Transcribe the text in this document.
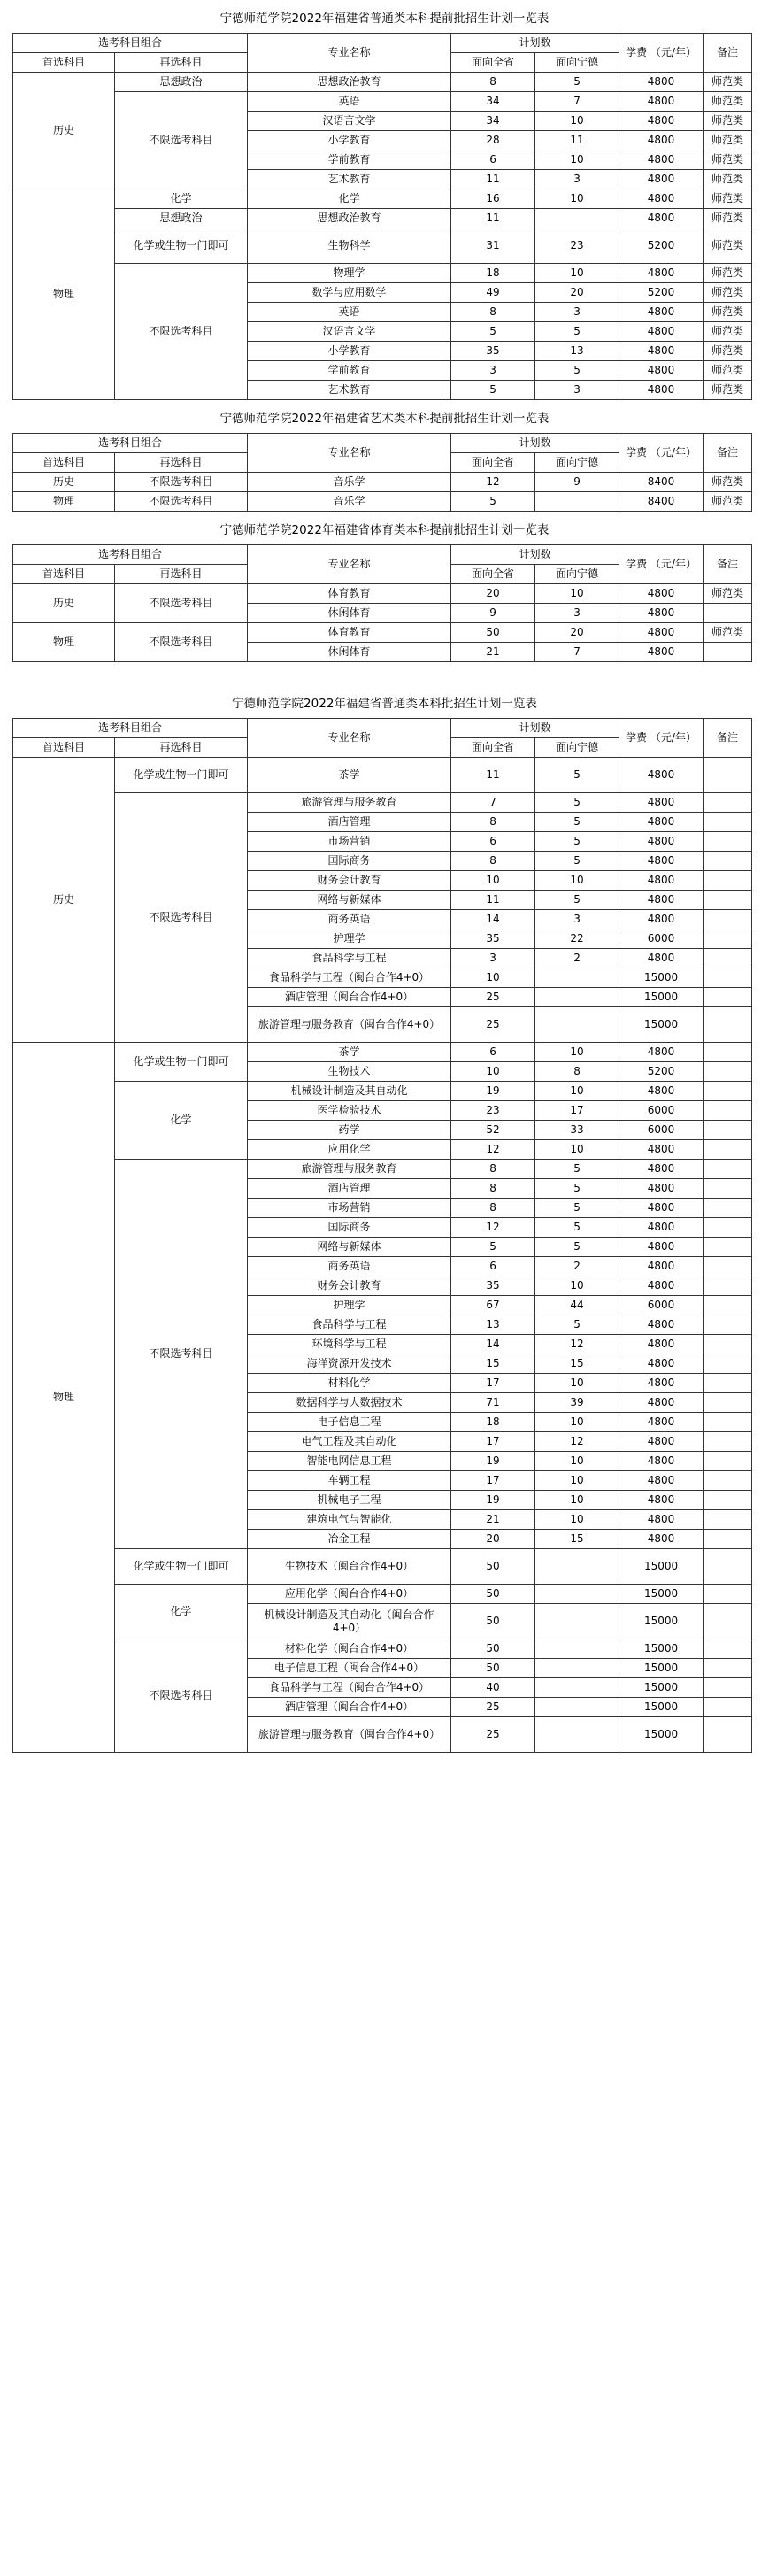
宁德师范学院2022年福建省普通类本科提前批招生计划一览表
选考科目组合		专业名称	计划数		学费 （元/年）	备注
首选科目	再选科目		面向全省	面向宁德		
历史	思想政治	思想政治教育	8	5	4800	师范类
	不限选考科目	英语	34	7	4800	师范类
		汉语言文学	34	10	4800	师范类
		小学教育	28	11	4800	师范类
		学前教育	6	10	4800	师范类
		艺术教育	11	3	4800	师范类
物理	化学	化学	16	10	4800	师范类
	思想政治	思想政治教育	11		4800	师范类
	化学或生物一门即可	生物科学	31	23	5200	师范类
	不限选考科目	物理学	18	10	4800	师范类
		数学与应用数学	49	20	5200	师范类
		英语	8	3	4800	师范类
		汉语言文学	5	5	4800	师范类
		小学教育	35	13	4800	师范类
		学前教育	3	5	4800	师范类
		艺术教育	5	3	4800	师范类
宁德师范学院2022年福建省艺术类本科提前批招生计划一览表
选考科目组合		专业名称	计划数		学费 （元/年）	备注
首选科目	再选科目		面向全省	面向宁德		
历史	不限选考科目	音乐学	12	9	8400	师范类
物理	不限选考科目	音乐学	5		8400	师范类
宁德师范学院2022年福建省体育类本科提前批招生计划一览表
选考科目组合		专业名称	计划数		学费 （元/年）	备注
首选科目	再选科目		面向全省	面向宁德		
历史	不限选考科目	体育教育	20	10	4800	师范类
		休闲体育	9	3	4800	
物理	不限选考科目	体育教育	50	20	4800	师范类
		休闲体育	21	7	4800	
宁德师范学院2022年福建省普通类本科批招生计划一览表
选考科目组合		专业名称	计划数		学费 （元/年）	备注
首选科目	再选科目		面向全省	面向宁德		
历史	化学或生物一门即可	茶学	11	5	4800	
	不限选考科目	旅游管理与服务教育	7	5	4800	
		酒店管理	8	5	4800	
		市场营销	6	5	4800	
		国际商务	8	5	4800	
		财务会计教育	10	10	4800	
		网络与新媒体	11	5	4800	
		商务英语	14	3	4800	
		护理学	35	22	6000	
		食品科学与工程	3	2	4800	
		食品科学与工程（闽台合作4+0）	10		15000	
		酒店管理（闽台合作4+0）	25		15000	
		旅游管理与服务教育（闽台合作4+0）	25		15000	
物理	化学或生物一门即可	茶学	6	10	4800	
		生物技术	10	8	5200	
	化学	机械设计制造及其自动化	19	10	4800	
		医学检验技术	23	17	6000	
		药学	52	33	6000	
		应用化学	12	10	4800	
	不限选考科目	旅游管理与服务教育	8	5	4800	
		酒店管理	8	5	4800	
		市场营销	8	5	4800	
		国际商务	12	5	4800	
		网络与新媒体	5	5	4800	
		商务英语	6	2	4800	
		财务会计教育	35	10	4800	
		护理学	67	44	6000	
		食品科学与工程	13	5	4800	
		环境科学与工程	14	12	4800	
		海洋资源开发技术	15	15	4800	
		材料化学	17	10	4800	
		数据科学与大数据技术	71	39	4800	
		电子信息工程	18	10	4800	
		电气工程及其自动化	17	12	4800	
		智能电网信息工程	19	10	4800	
		车辆工程	17	10	4800	
		机械电子工程	19	10	4800	
		建筑电气与智能化	21	10	4800	
		冶金工程	20	15	4800	
	化学或生物一门即可	生物技术（闽台合作4+0）	50		15000	
	化学	应用化学（闽台合作4+0）	50		15000	
		机械设计制造及其自动化（闽台合作4+0）	50		15000	
	不限选考科目	材料化学（闽台合作4+0）	50		15000	
		电子信息工程（闽台合作4+0）	50		15000	
		食品科学与工程（闽台合作4+0）	40		15000	
		酒店管理（闽台合作4+0）	25		15000	
		旅游管理与服务教育（闽台合作4+0）	25		15000	
